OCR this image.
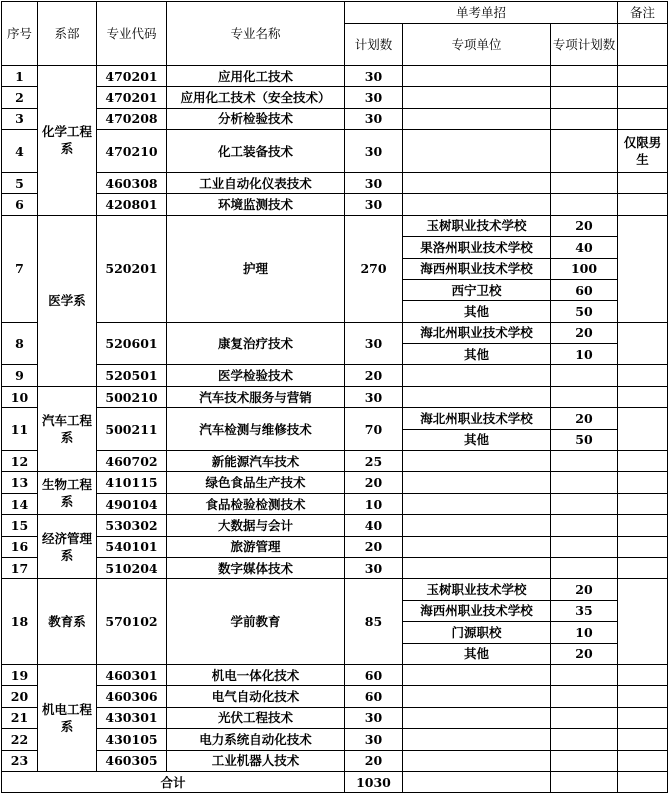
序号	系部	专业代码	专业名称	单考单招			备注
				计划数	专项单位	专项计划数	
1	化学工程系	470201	应用化工技术	30			
2		470201	应用化工技术（安全技术）	30			
3		470208	分析检验技术	30			
4		470210	化工装备技术	30			仅限男生

5		460308	工业自动化仪表技术	30			
6		420801	环境监测技术	30			
7	医学系	520201	护理	270	玉树职业技术学校	20	
					果洛州职业技术学校	40	
					海西州职业技术学校	100	
					西宁卫校	60	
					其他	50	
8		520601	康复治疗技术	30	海北州职业技术学校	20	
					其他	10	
9		520501	医学检验技术	20			
10	汽车工程系	500210	汽车技术服务与营销	30			
11		500211	汽车检测与维修技术	70	海北州职业技术学校	20	
					其他	50	
12		460702	新能源汽车技术	25			
13	生物工程系	410115	绿色食品生产技术	20			
14		490104	食品检验检测技术	10			
15	经济管理系	530302	大数据与会计	40			
16		540101	旅游管理	20			
17		510204	数字媒体技术	30			
18	教育系	570102	学前教育	85	玉树职业技术学校	20	
					海西州职业技术学校	35	
					门源职校	10	
					其他	20	
19	机电工程系	460301	机电一体化技术	60			
20		460306	电气自动化技术	60			
21		430301	光伏工程技术	30			
22		430105	电力系统自动化技术	30			
23		460305	工业机器人技术	20			
合计				1030			
